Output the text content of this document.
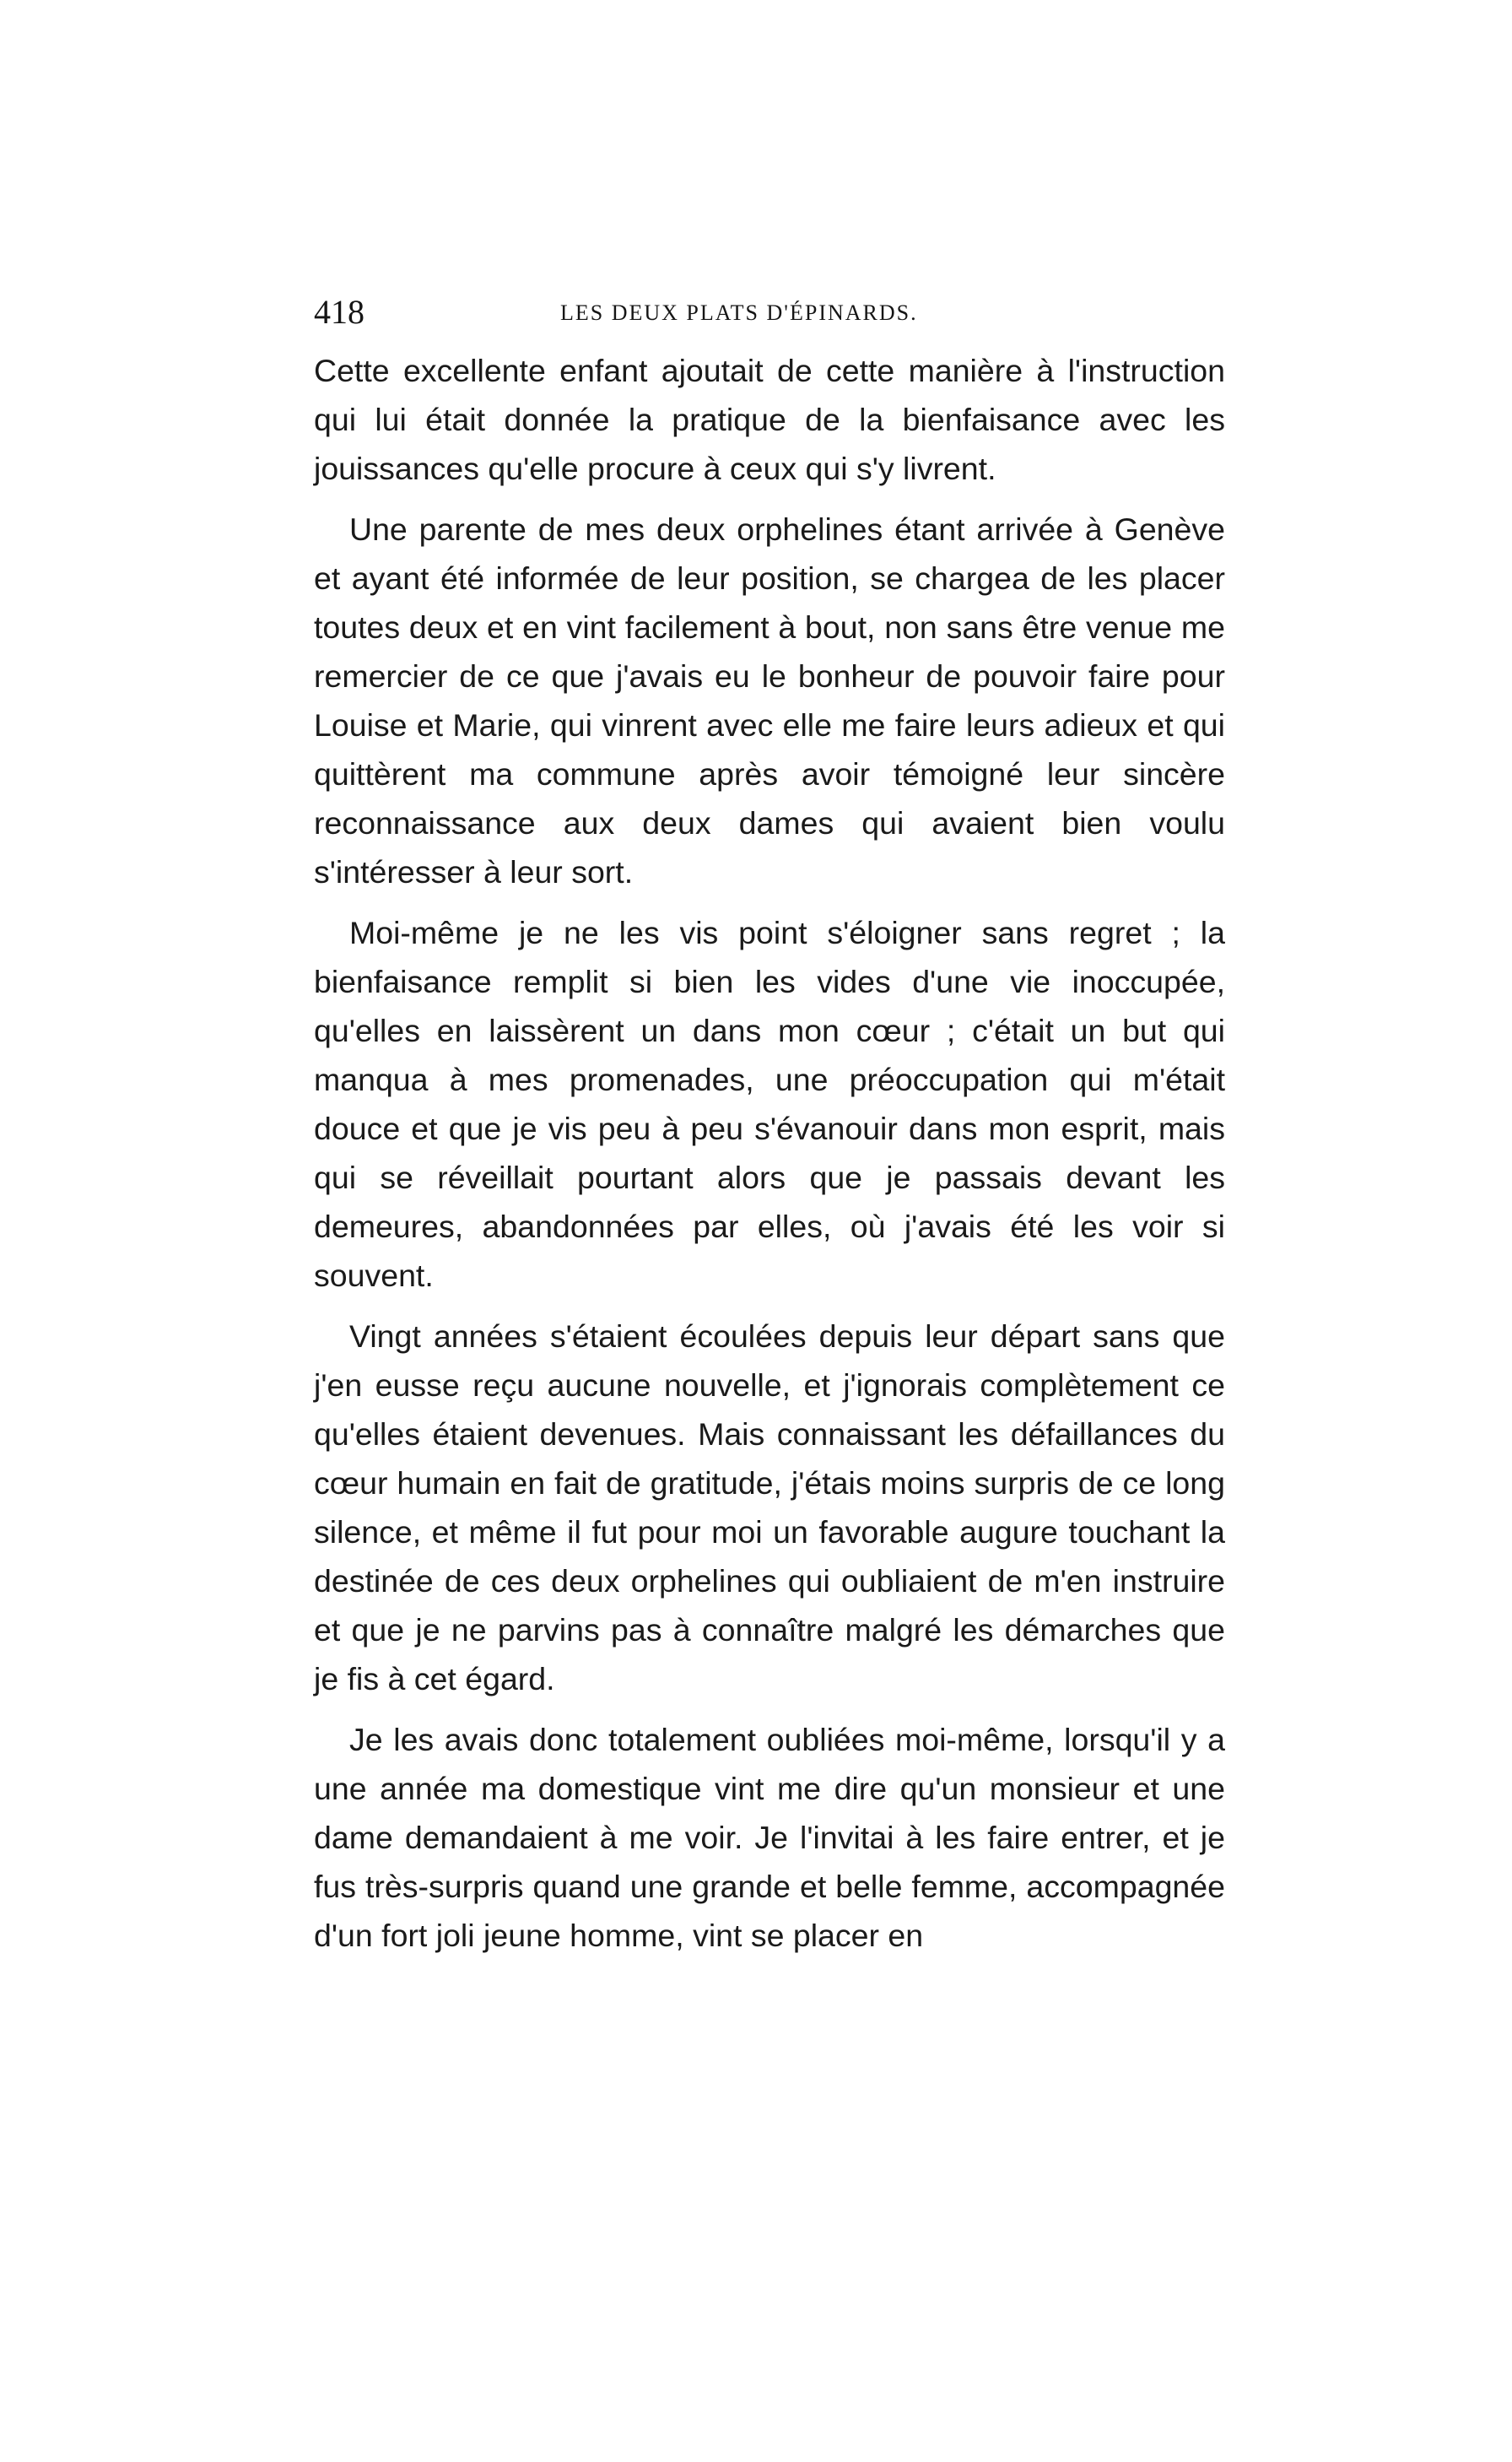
418	LES DEUX PLATS D'ÉPINARDS.

Cette excellente enfant ajoutait de cette manière à l'instruction qui lui était donnée la pratique de la bienfaisance avec les jouissances qu'elle procure à ceux qui s'y livrent.

Une parente de mes deux orphelines étant arrivée à Genève et ayant été informée de leur position, se chargea de les placer toutes deux et en vint facilement à bout, non sans être venue me remercier de ce que j'avais eu le bonheur de pouvoir faire pour Louise et Marie, qui vinrent avec elle me faire leurs adieux et qui quittèrent ma commune après avoir témoigné leur sincère reconnaissance aux deux dames qui avaient bien voulu s'intéresser à leur sort.

Moi-même je ne les vis point s'éloigner sans regret ; la bienfaisance remplit si bien les vides d'une vie inoccupée, qu'elles en laissèrent un dans mon cœur ; c'était un but qui manqua à mes promenades, une préoccupation qui m'était douce et que je vis peu à peu s'évanouir dans mon esprit, mais qui se réveillait pourtant alors que je passais devant les demeures, abandonnées par elles, où j'avais été les voir si souvent.

Vingt années s'étaient écoulées depuis leur départ sans que j'en eusse reçu aucune nouvelle, et j'ignorais complètement ce qu'elles étaient devenues. Mais connaissant les défaillances du cœur humain en fait de gratitude, j'étais moins surpris de ce long silence, et même il fut pour moi un favorable augure touchant la destinée de ces deux orphelines qui oubliaient de m'en instruire et que je ne parvins pas à connaître malgré les démarches que je fis à cet égard.

Je les avais donc totalement oubliées moi-même, lorsqu'il y a une année ma domestique vint me dire qu'un monsieur et une dame demandaient à me voir. Je l'invitai à les faire entrer, et je fus très-surpris quand une grande et belle femme, accompagnée d'un fort joli jeune homme, vint se placer en
